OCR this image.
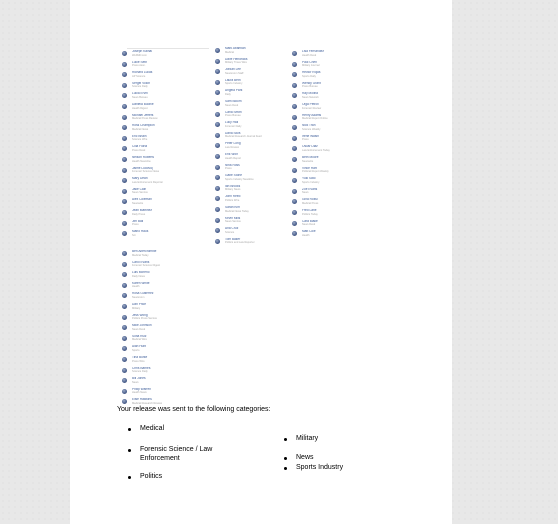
Joseph Kalhal
WebMD.com
Lucie Seth
Press Assn.
Richard Lucas
AP Science
Sergei Voloh
Science Daily
Lucia Ervin
News Bureau
Daniela Buohle
Health Digest
Michael Jeffers
Medical Press Review
Ross Champion
Medical News
Eric Bhain
Science Wire
Cilia Floria
Press Desk
Nelson Roberts
Health Newsline
Jaime Ludoviq
Forensic Science News
Mary Dean
Law Enforcement Reporter
Jake Cain
News Service
Alex Coleman
Newswire
Jean Martinez
Daily Press
Jim Ball
Press
Mario Haus
Sci
Mark Abarbian
Medical
Dave Hendricks
Military Times Wire
Jordan Lee
Newsroom Staff
Laura Beth
Sports Industry
Angela Park
Daily
Sam Bloom
News Desk
Carla Smith
Press Bureau
Lucy Hall
Forensic Daily
Dana Silva
Medical Research Journal Feed
Peter Long
Law Review
Erik Wolf
Health Report
Nina Ross
Press
Gabe Stone
Sports Industry Newsline
Ian Brooks
Military News
John Reed
Politics Wire
Sarah Kim
Medical News Today
Kevin Mills
News Service
Ana Cruz
Science
Tom Baker
Politics and Law Reporter
Lisa Fernandez
Health Desk
Paul Chen
Military Journal
Hector Rojas
Sports Daily
Wendy Grant
Press Bureau
Ray Molina
News Network
Olga Petrov
Forensic Review
Henry Adams
Medical Report Online
Nick Tran
Science Weekly
Irene Walsh
Press
Oscar Diaz
Law Enforcement Today
Beth Moore
Newswire
Vince Hart
Political Report Weekly
Yuki Sato
Sports Industry
Zoe Evans
News
Gina Rossi
Medical Press
Fred Lane
Politics Today
Cara Blake
News Desk
Matt Cole
Health
Ben Abercrombie
Medical Today
Carol Evans
Forensic Science Digest
Luis Moreno
Daily News
Karen White
Health
Rosa Gutierrez
Newsroom
Dan Price
Military
Jess Wong
Politics Press Service
Mike Johnson
News Desk
Sofia Ruiz
Medical Wire
Alan Hunt
Sports
Tina Burke
Press Wire
Chris Barnes
Science Daily
Bill Jones
News
Philip Warren
Health News
Elise Hawkins
Medical Research Review

Your release was sent to the following categories:

Medical
Forensic Science / Law Enforcement
Politics
Military
News
Sports Industry
